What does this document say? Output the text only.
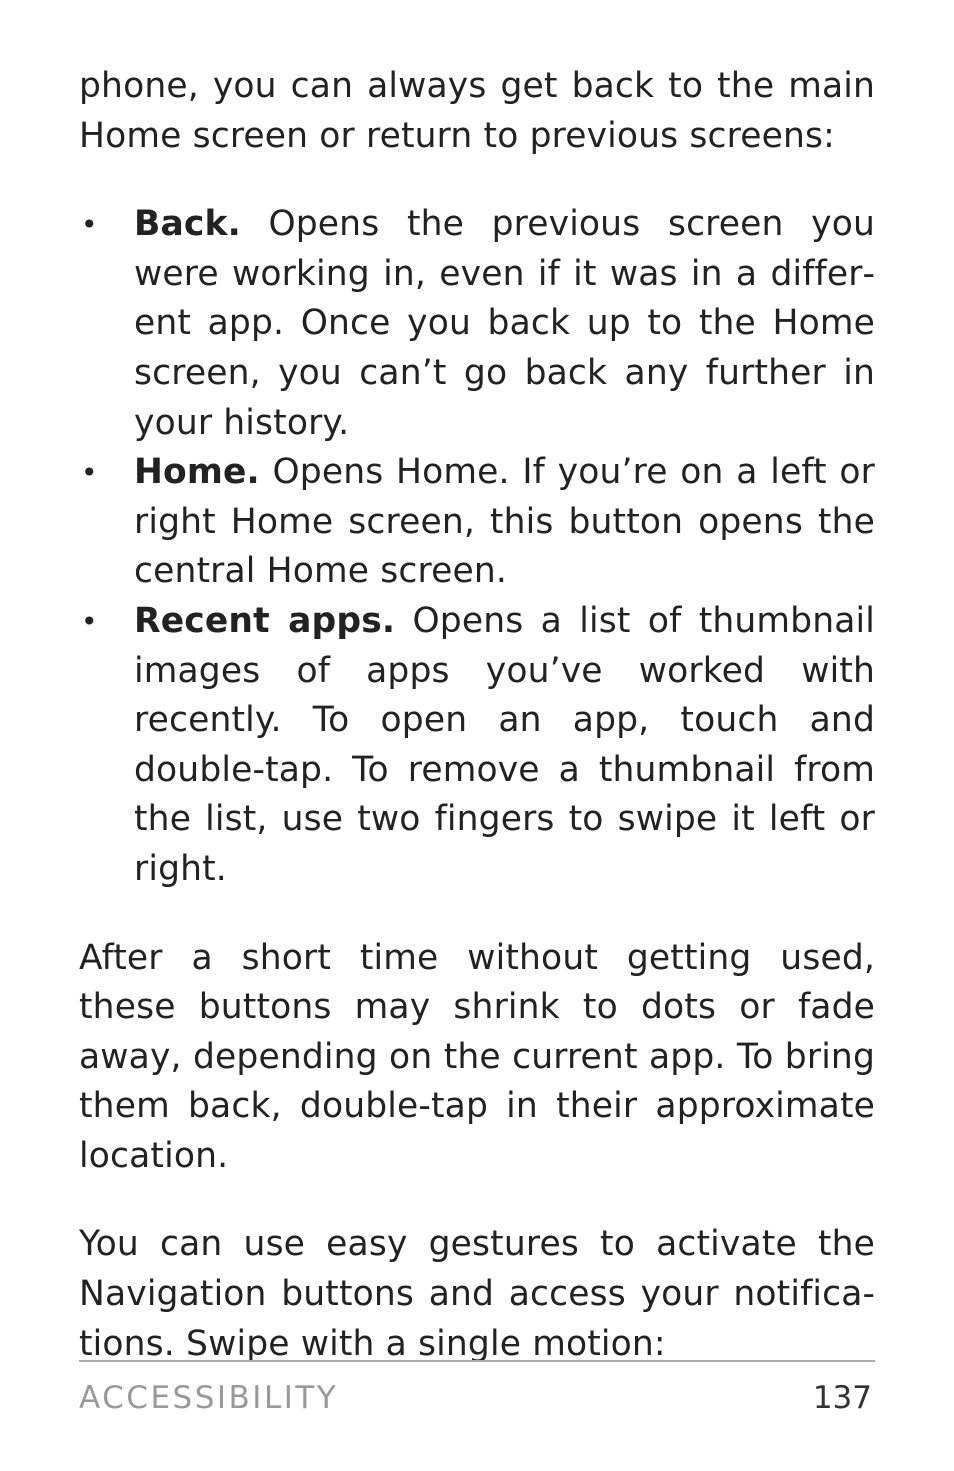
phone, you can always get back to the main Home screen or return to previous screens:

• Back. Opens the previous screen you were working in, even if it was in a different app. Once you back up to the Home screen, you can’t go back any further in your history.
• Home. Opens Home. If you’re on a left or right Home screen, this button opens the central Home screen.
• Recent apps. Opens a list of thumbnail images of apps you’ve worked with recently. To open an app, touch and double-tap. To remove a thumbnail from the list, use two fingers to swipe it left or right.

After a short time without getting used, these buttons may shrink to dots or fade away, depending on the current app. To bring them back, double-tap in their approximate location.

You can use easy gestures to activate the Navigation buttons and access your notifications. Swipe with a single motion:

ACCESSIBILITY	137
